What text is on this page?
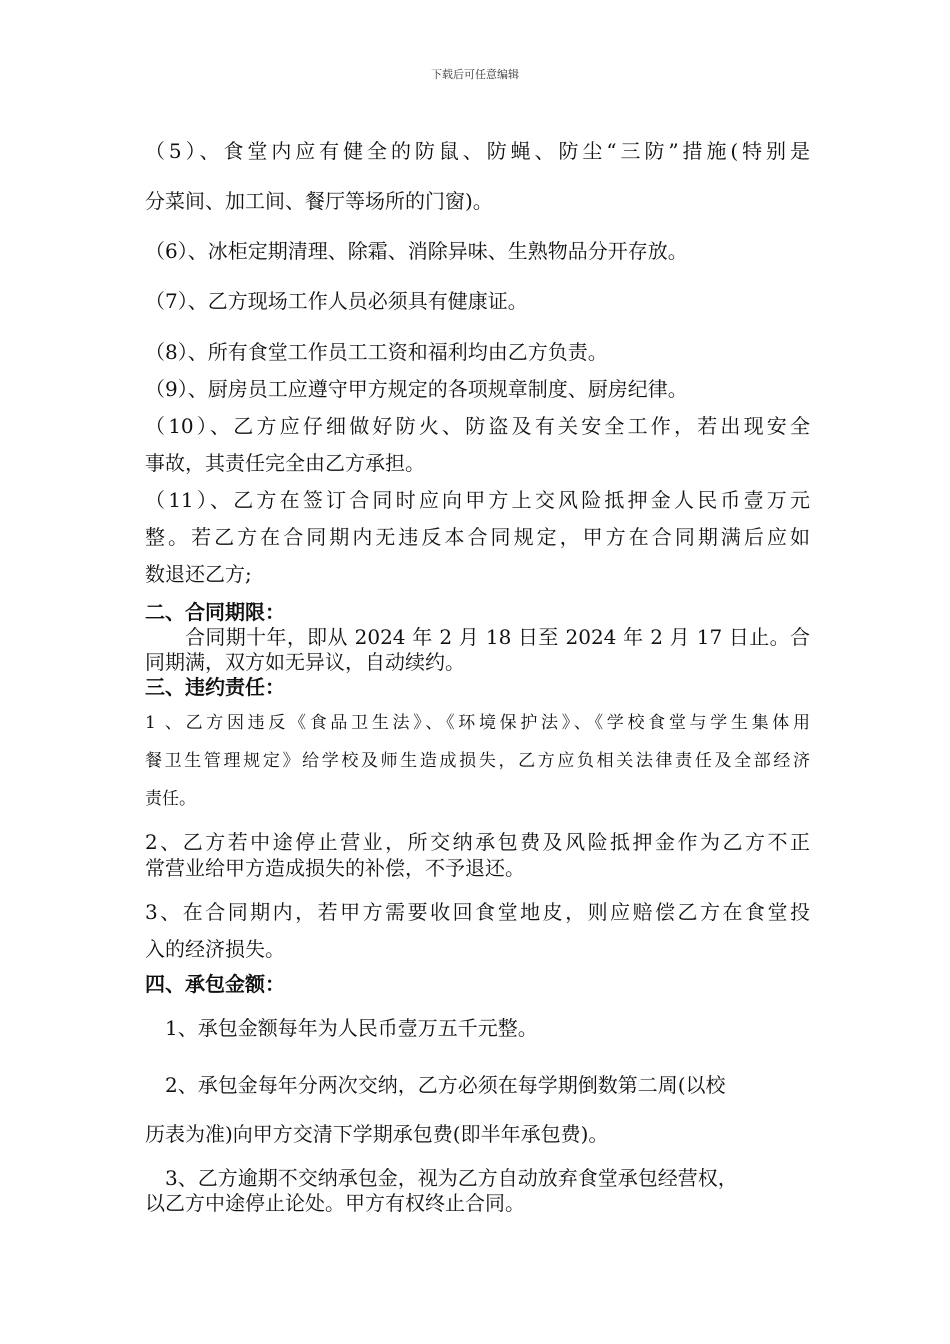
下载后可任意编辑
（5）、食堂内应有健全的防鼠、防蝇、防尘“三防”措施(特别是
分菜间、加工间、餐厅等场所的门窗)。
（6）、冰柜定期清理、除霜、消除异味、生熟物品分开存放。
（7）、乙方现场工作人员必须具有健康证。
（8）、所有食堂工作员工工资和福利均由乙方负责。
（9）、厨房员工应遵守甲方规定的各项规章制度、厨房纪律。
（10）、乙方应仔细做好防火、防盗及有关安全工作，若出现安全
事故，其责任完全由乙方承担。
（11）、乙方在签订合同时应向甲方上交风险抵押金人民币壹万元
整。若乙方在合同期内无违反本合同规定，甲方在合同期满后应如
数退还乙方;
二、合同期限：
合同期十年，即从 2024 年 2 月 18 日至 2024 年 2 月 17 日止。合
同期满，双方如无异议，自动续约。
三、违约责任：
1 、乙方因违反《食品卫生法》、《环境保护法》、《学校食堂与学生集体用
餐卫生管理规定》给学校及师生造成损失，乙方应负相关法律责任及全部经济
责任。
2、乙方若中途停止营业，所交纳承包费及风险抵押金作为乙方不正
常营业给甲方造成损失的补偿，不予退还。
3、在合同期内，若甲方需要收回食堂地皮，则应赔偿乙方在食堂投
入的经济损失。
四、承包金额：
1、承包金额每年为人民币壹万五千元整。
2、承包金每年分两次交纳，乙方必须在每学期倒数第二周(以校
历表为准)向甲方交清下学期承包费(即半年承包费)。
3、乙方逾期不交纳承包金，视为乙方自动放弃食堂承包经营权，
以乙方中途停止论处。甲方有权终止合同。
